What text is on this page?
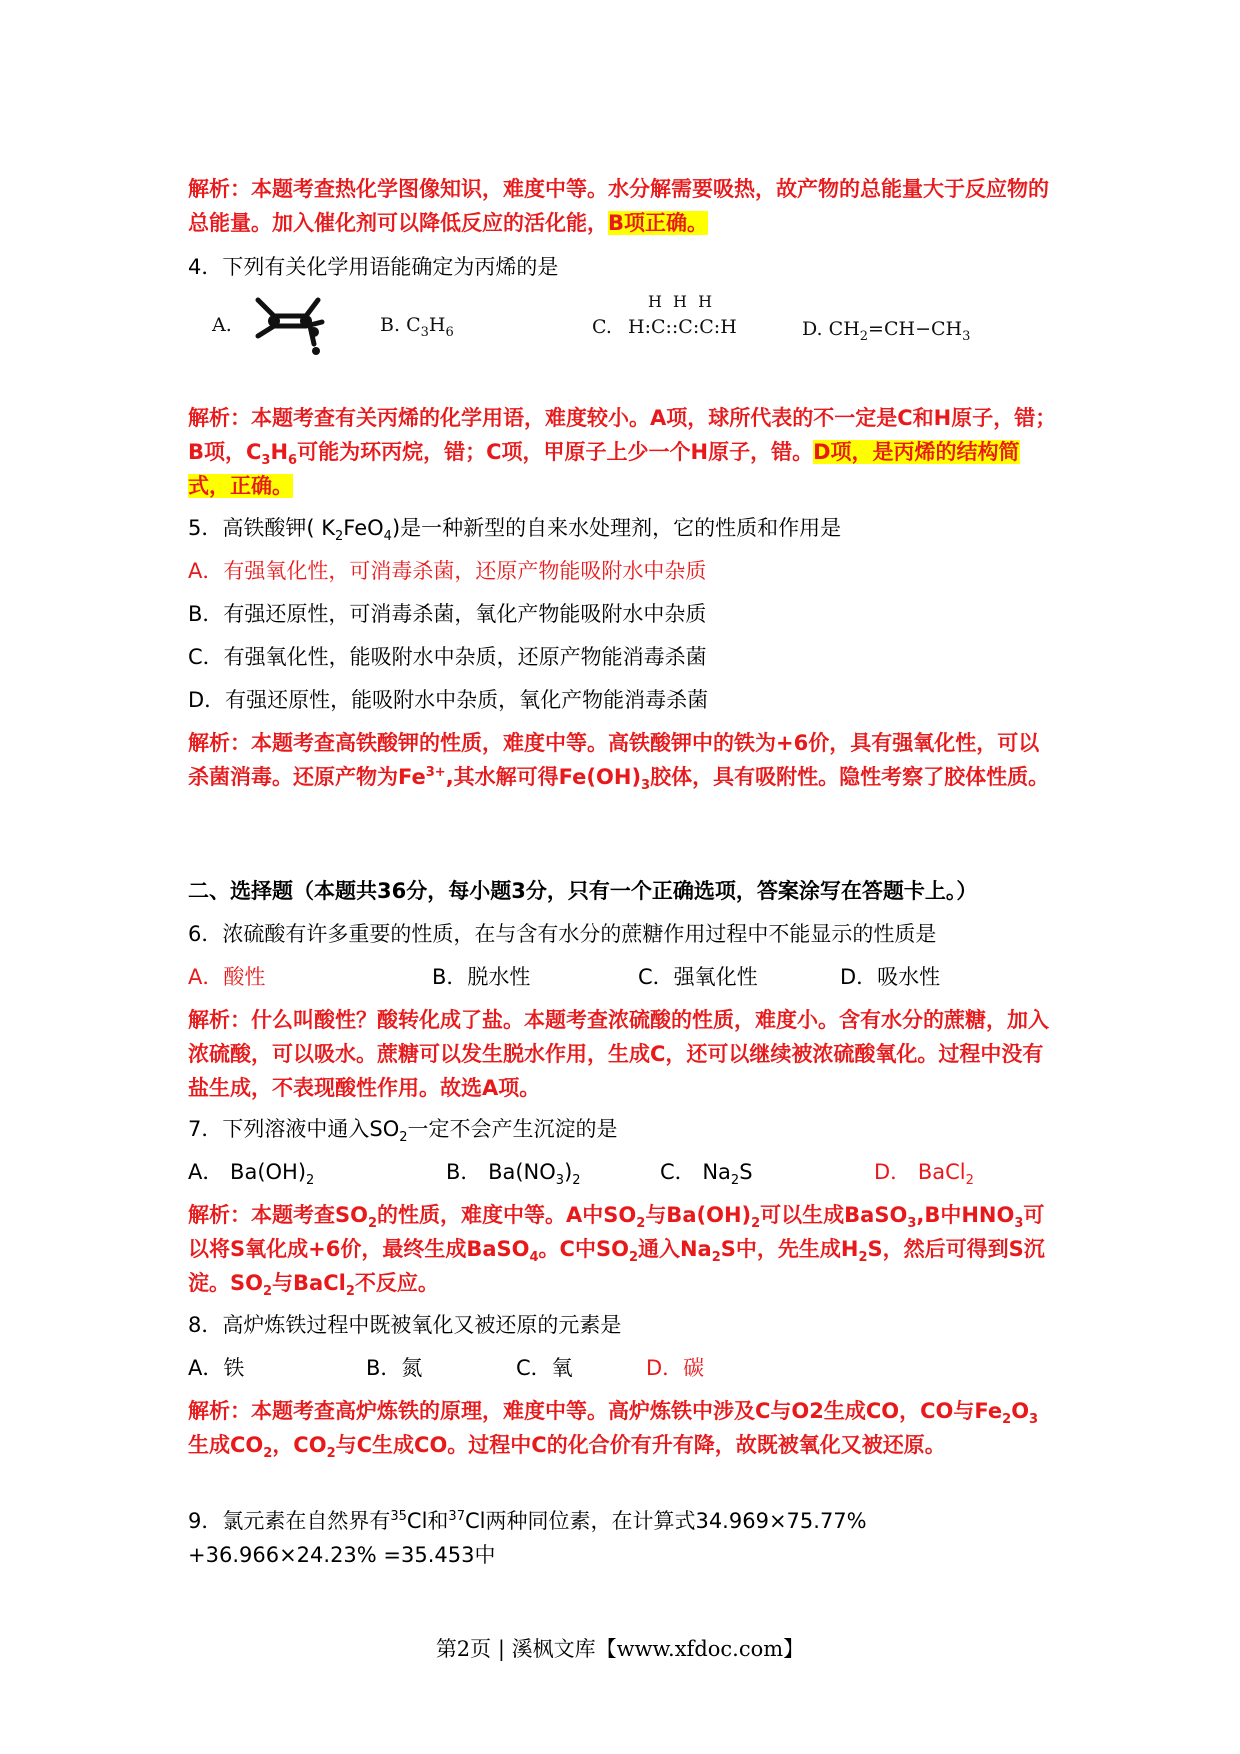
解析：本题考查热化学图像知识，难度中等。水分解需要吸热，故产物的总能量大于反应物的总能量。加入催化剂可以降低反应的活化能，B项正确。
4．下列有关化学用语能确定为丙烯的是
A.	B. $C_3H_6$	C.
H H H
H:C::C:C:H	D. $CH_2=CH-CH_3$
解析：本题考查有关丙烯的化学用语，难度较小。A项，球所代表的不一定是C和H原子，错；B项，$C_3H_6$可能为环丙烷，错；C项，甲原子上少一个H原子，错。D项，是丙烯的结构简式，正确。
5．高铁酸钾( $K_2FeO_4$)是一种新型的自来水处理剂，它的性质和作用是
A．有强氧化性，可消毒杀菌，还原产物能吸附水中杂质
B．有强还原性，可消毒杀菌，氧化产物能吸附水中杂质
C．有强氧化性，能吸附水中杂质，还原产物能消毒杀菌
D．有强还原性，能吸附水中杂质，氧化产物能消毒杀菌
解析：本题考查高铁酸钾的性质，难度中等。高铁酸钾中的铁为+6价，具有强氧化性，可以杀菌消毒。还原产物为$Fe^{3+}$,其水解可得$Fe(OH)_3$胶体，具有吸附性。隐性考察了胶体性质。
二、选择题（本题共36分，每小题3分，只有一个正确选项，答案涂写在答题卡上。）
6．浓硫酸有许多重要的性质，在与含有水分的蔗糖作用过程中不能显示的性质是
A．酸性	B．脱水性	C．强氧化性	D．吸水性
解析：什么叫酸性？酸转化成了盐。本题考查浓硫酸的性质，难度小。含有水分的蔗糖，加入浓硫酸，可以吸水。蔗糖可以发生脱水作用，生成C，还可以继续被浓硫酸氧化。过程中没有盐生成，不表现酸性作用。故选A项。
7．下列溶液中通入$SO_2$一定不会产生沉淀的是
A． $Ba(OH)_2$	B． $Ba(NO_3)_2$	C． $Na_2S$	D． BaCl$_2$
解析：本题考查$SO_2$的性质，难度中等。A中$SO_2$与$Ba(OH)_2$可以生成BaSO$_3$,B中$HNO_3$可以将S氧化成+6价，最终生成BaSO$_4$。C中$SO_2$通入$Na_2S$中，先生成$H_2S$，然后可得到S沉淀。$SO_2$与BaCl$_2$不反应。
8．高炉炼铁过程中既被氧化又被还原的元素是
A．铁	B．氮	C．氧	D．碳
解析：本题考查高炉炼铁的原理，难度中等。高炉炼铁中涉及C与O2生成CO，CO与$Fe_2O_3$生成$CO_2$，$CO_2$与C生成CO。过程中C的化合价有升有降，故既被氧化又被还原。
9．氯元素在自然界有$^{35}$Cl和$^{37}$Cl两种同位素，在计算式34.969×75.77% +36.966×24.23% =35.453中
第2页 | 溪枫文库【www.xfdoc.com】
